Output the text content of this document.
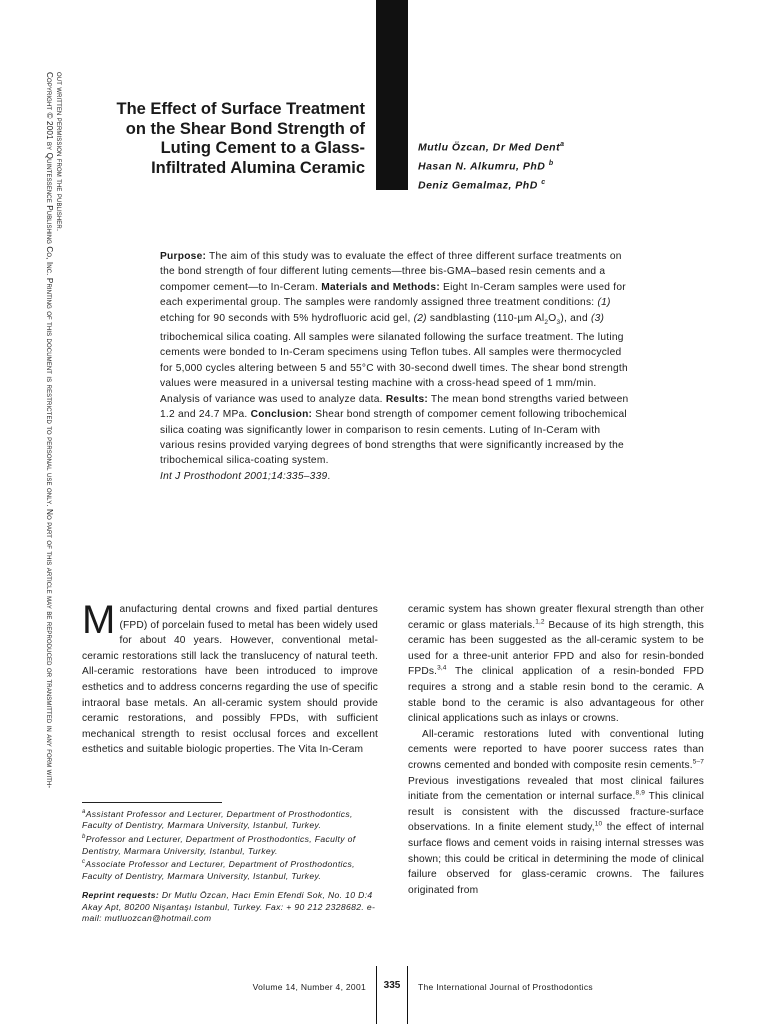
Copyright © 2001 by Quintessence Publishing Co, Inc. Printing of this document is restricted to personal use only. No part of this article may be reproduced or transmitted in any form with- out written permission from the publisher.	The Effect of Surface Treatment
on the Shear Bond Strength of
Luting Cement to a Glass-
Infiltrated Alumina Ceramic
Mutlu Özcan, Dr Med Dent$^a$
Hasan N. Alkumru, PhD $^b$
Deniz Gemalmaz, PhD $^c$
Purpose: The aim of this study was to evaluate the effect of three different surface treatments on the bond strength of four different luting cements—three bis-GMA–based resin cements and a compomer cement—to In-Ceram. Materials and Methods: Eight In-Ceram samples were used for each experimental group. The samples were randomly assigned three treatment conditions: (1) etching for 90 seconds with 5% hydrofluoric acid gel, (2) sandblasting (110-µm $Al_2O_3$), and (3) tribochemical silica coating. All samples were silanated following the surface treatment. The luting cements were bonded to In-Ceram specimens using Teflon tubes. All samples were thermocycled for 5,000 cycles altering between 5 and 55°C with 30-second dwell times. The shear bond strength values were measured in a universal testing machine with a cross-head speed of 1 mm/min. Analysis of variance was used to analyze data. Results: The mean bond strengths varied between 1.2 and 24.7 MPa. Conclusion: Shear bond strength of compomer cement following tribochemical silica coating was significantly lower in comparison to resin cements. Luting of In-Ceram with various resins provided varying degrees of bond strengths that were significantly increased by the tribochemical silica-coating system.
Int J Prosthodont 2001;14:335–339.

Manufacturing dental crowns and fixed partial dentures (FPD) of porcelain fused to metal has been widely used for about 40 years. However, conventional metal-ceramic restorations still lack the translucency of natural teeth. All-ceramic restorations have been introduced to improve esthetics and to address concerns regarding the use of specific intraoral base metals. An all-ceramic system should provide ceramic restorations, and possibly FPDs, with sufficient mechanical strength to resist occlusal forces and excellent esthetics and suitable biologic properties. The Vita In-Ceram

$^a$Assistant Professor and Lecturer, Department of Prosthodontics, Faculty of Dentistry, Marmara University, Istanbul, Turkey.

$^b$Professor and Lecturer, Department of Prosthodontics, Faculty of Dentistry, Marmara University, Istanbul, Turkey.

$^c$Associate Professor and Lecturer, Department of Prosthodontics, Faculty of Dentistry, Marmara University, Istanbul, Turkey.

Reprint requests: Dr Mutlu Özcan, Hacı Emin Efendi Sok, No. 10 D:4 Akay Apt, 80200 Nişantaşı Istanbul, Turkey. Fax: + 90 212 2328682. e-mail: mutluozcan@hotmail.com

ceramic system has shown greater flexural strength than other ceramic or glass materials.$^{1,2}$ Because of its high strength, this ceramic has been suggested as the all-ceramic system to be used for a three-unit anterior FPD and also for resin-bonded FPDs.$^{3,4}$ The clinical application of a resin-bonded FPD requires a strong and a stable resin bond to the ceramic. A stable bond to the ceramic is also advantageous for other clinical applications such as inlays or crowns.

All-ceramic restorations luted with conventional luting cements were reported to have poorer success rates than crowns cemented and bonded with composite resin cements.$^{5-7}$ Previous investigations revealed that most clinical failures initiate from the cementation or internal surface.$^{8,9}$ This clinical result is consistent with the discussed fracture-surface observations. In a finite element study,$^{10}$ the effect of internal surface flows and cement voids in raising internal stresses was shown; this could be critical in determining the mode of clinical failure observed for glass-ceramic crowns. The failures originated from

Volume 14, Number 4, 2001	335	The International Journal of Prosthodontics
